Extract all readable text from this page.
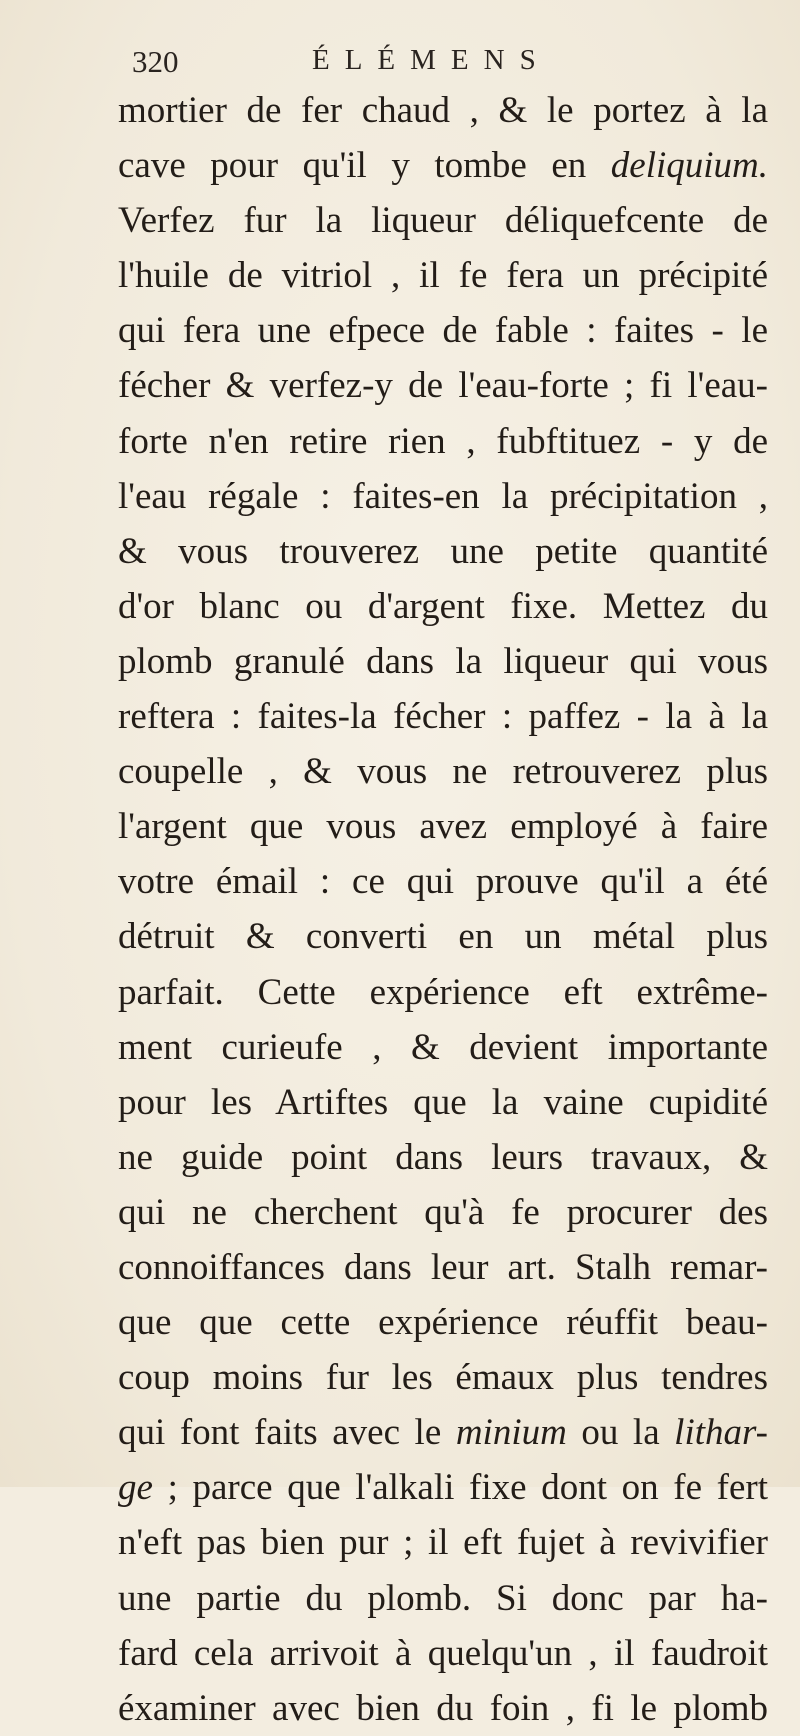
320	ÉLÉMENS
mortier de fer chaud , & le portez à la
cave pour qu'il y tombe en deliquium.
Verfez fur la liqueur déliquefcente de
l'huile de vitriol , il fe fera un précipité
qui fera une efpece de fable : faites - le
fécher & verfez-y de l'eau-forte ; fi l'eau-
forte n'en retire rien , fubftituez - y de
l'eau régale : faites-en la précipitation ,
& vous trouverez une petite quantité
d'or blanc ou d'argent fixe. Mettez du
plomb granulé dans la liqueur qui vous
reftera : faites-la fécher : paffez - la à la
coupelle , & vous ne retrouverez plus
l'argent que vous avez employé à faire
votre émail : ce qui prouve qu'il a été
détruit & converti en un métal plus
parfait. Cette expérience eft extrême-
ment curieufe , & devient importante
pour les Artiftes que la vaine cupidité
ne guide point dans leurs travaux, &
qui ne cherchent qu'à fe procurer des
connoiffances dans leur art. Stalh remar-
que que cette expérience réuffit beau-
coup moins fur les émaux plus tendres
qui font faits avec le minium ou la lithar-
ge ; parce que l'alkali fixe dont on fe fert
n'eft pas bien pur ; il eft fujet à revivifier
une partie du plomb. Si donc par ha-
fard cela arrivoit à quelqu'un , il faudroit
éxaminer avec bien du foin , fi le plomb
